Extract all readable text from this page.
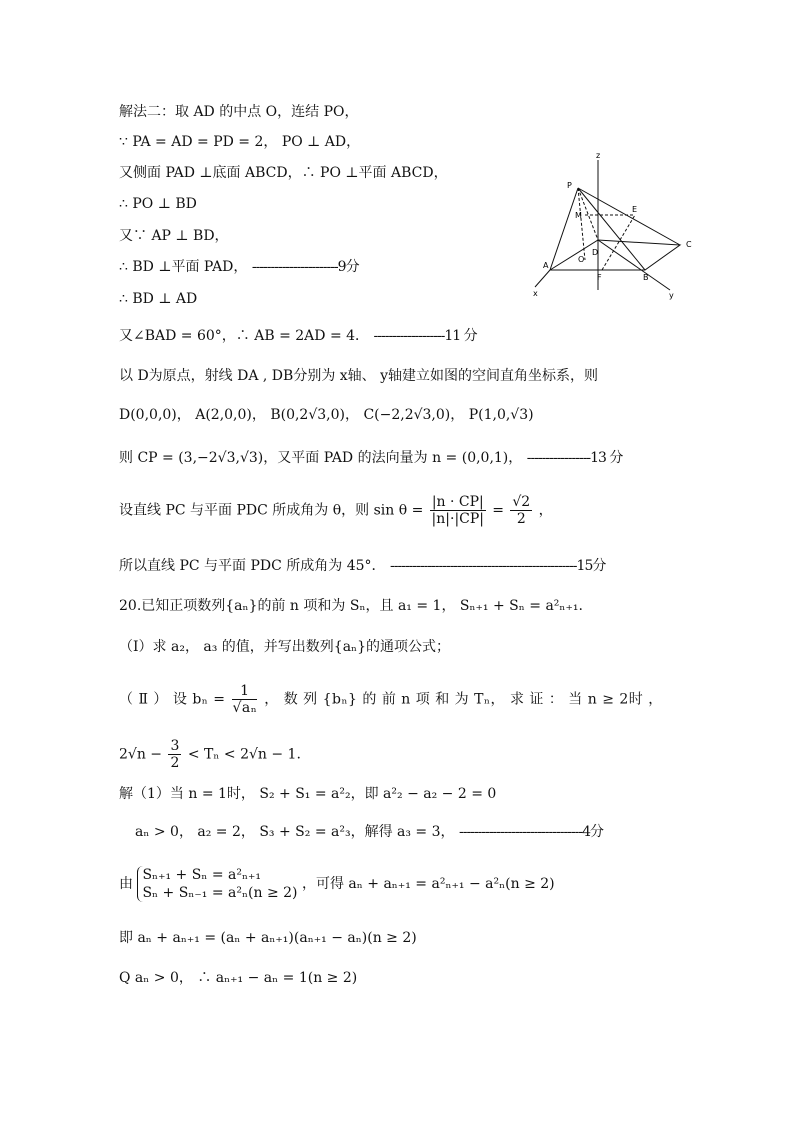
解法二：取 AD 的中点 O，连结 PO，
∵ PA = AD = PD = 2， PO ⊥ AD，
又侧面 PAD ⊥底面 ABCD，∴ PO ⊥平面 ABCD，
∴ PO ⊥ BD
又∵ AP ⊥ BD，
∴ BD ⊥平面 PAD， -----------------------9分
∴ BD ⊥ AD
又∠BAD = 60°，∴ AB = 2AD = 4． -------------------11 分
以 D为原点，射线 DA , DB分别为 x轴、 y轴建立如图的空间直角坐标系，则
D(0,0,0)， A(2,0,0)， B(0,2√3,0)， C(−2,2√3,0)， P(1,0,√3)
则 CP = (3,−2√3,√3)，又平面 PAD 的法向量为 n = (0,0,1)， -----------------13 分
设直线 PC 与平面 PDC 所成角为 θ，则 $\sin \theta = \frac{|n \cdot CP|}{|n|\cdot|CP|} = \frac{√2}{2}$ ，
所以直线 PC 与平面 PDC 所成角为 45°． --------------------------------------------------15分
20.已知正项数列{aₙ}的前 n 项和为 Sₙ，且 a₁ = 1， Sₙ₊₁ + Sₙ = a²ₙ₊₁.
（Ⅰ）求 a₂， a₃ 的值，并写出数列{aₙ}的通项公式；
（ Ⅱ ） 设 $b_n = \frac{1}{\text{√aₙ}}$ ， 数 列 {bₙ} 的 前 n 项 和 为 Tₙ， 求 证 ： 当 n ≥ 2时 ，
$2√n - \frac{3}{2} < T_n < 2√n - 1$.
解（1）当 n = 1时， S₂ + S₁ = a²₂，即 a²₂ − a₂ − 2 = 0
aₙ > 0， a₂ = 2， S₃ + S₂ = a²₃，解得 a₃ = 3， ---------------------------------4分
由
Sₙ₊₁ + Sₙ = a²ₙ₊₁
Sₙ + Sₙ₋₁ = a²ₙ(n ≥ 2)
，可得 aₙ + aₙ₊₁ = a²ₙ₊₁ − a²ₙ(n ≥ 2)
即 aₙ + aₙ₊₁ = (aₙ + aₙ₊₁)(aₙ₊₁ − aₙ)(n ≥ 2)
Q aₙ > 0， ∴ aₙ₊₁ − aₙ = 1(n ≥ 2)
z
P
M
E
C
D
O
A
F	B
x	y
